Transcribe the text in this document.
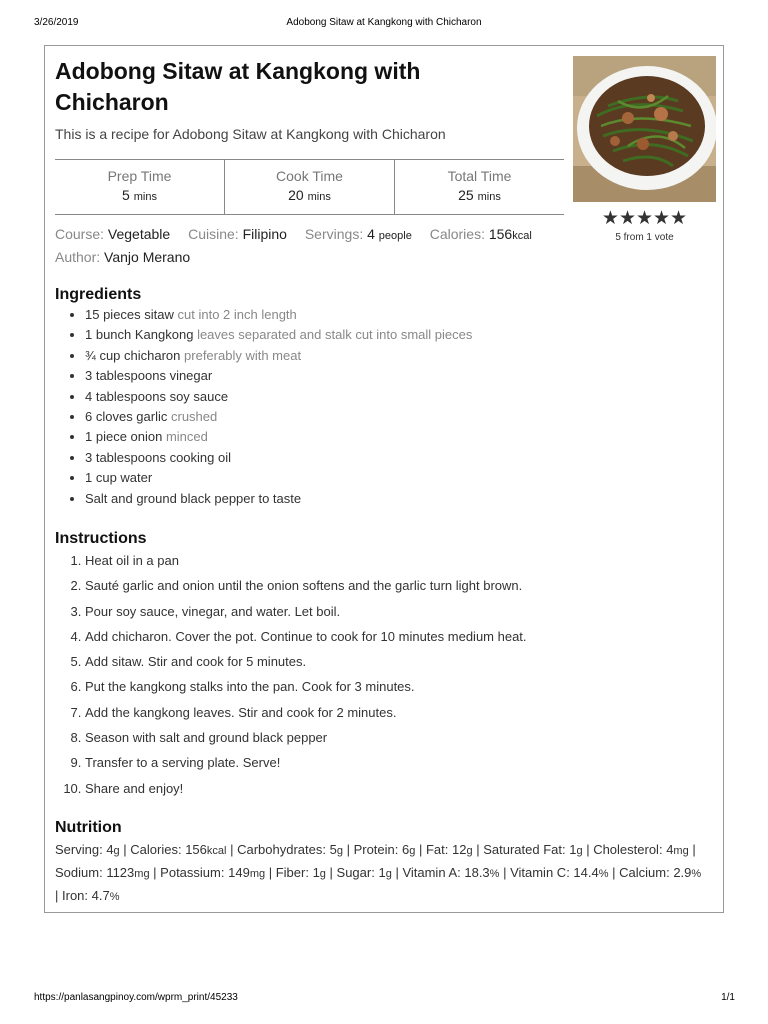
3/26/2019	Adobong Sitaw at Kangkong with Chicharon
Adobong Sitaw at Kangkong with Chicharon

This is a recipe for Adobong Sitaw at Kangkong with Chicharon

Prep Time
5 mins
Cook Time
20 mins
Total Time
25 mins
Course: Vegetable Cuisine: Filipino Servings: 4 people Calories: 156kcal
Author: Vanjo Merano
★★★★★
5 from 1 vote
Ingredients
• 15 pieces sitaw cut into 2 inch length
• 1 bunch Kangkong leaves separated and stalk cut into small pieces
• ¾ cup chicharon preferably with meat
• 3 tablespoons vinegar
• 4 tablespoons soy sauce
• 6 cloves garlic crushed
• 1 piece onion minced
• 3 tablespoons cooking oil
• 1 cup water
• Salt and ground black pepper to taste
Instructions
1. Heat oil in a pan
2. Sauté garlic and onion until the onion softens and the garlic turn light brown.
3. Pour soy sauce, vinegar, and water. Let boil.
4. Add chicharon. Cover the pot. Continue to cook for 10 minutes medium heat.
5. Add sitaw. Stir and cook for 5 minutes.
6. Put the kangkong stalks into the pan. Cook for 3 minutes.
7. Add the kangkong leaves. Stir and cook for 2 minutes.
8. Season with salt and ground black pepper
9. Transfer to a serving plate. Serve!
10. Share and enjoy!
Nutrition

Serving: 4g | Calories: 156kcal | Carbohydrates: 5g | Protein: 6g | Fat: 12g | Saturated Fat: 1g | Cholesterol: 4mg | Sodium: 1123mg | Potassium: 149mg | Fiber: 1g | Sugar: 1g | Vitamin A: 18.3% | Vitamin C: 14.4% | Calcium: 2.9% | Iron: 4.7%

https://panlasangpinoy.com/wprm_print/45233	1/1
